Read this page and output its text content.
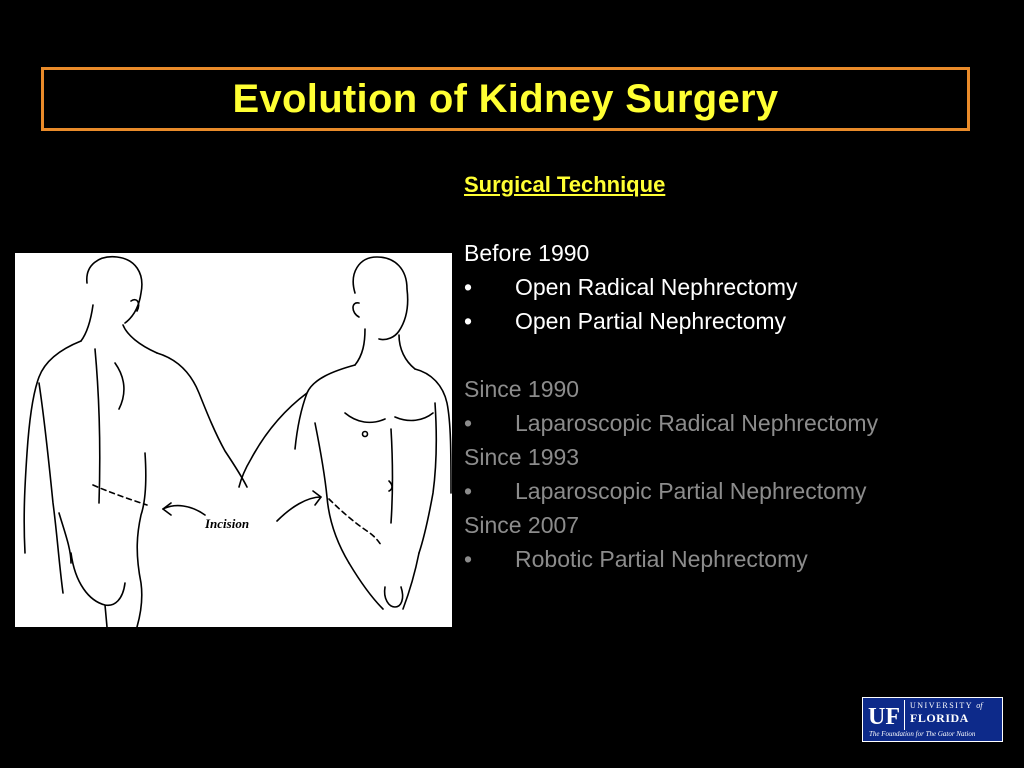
Evolution of Kidney Surgery
Incision
Surgical Technique
Before 1990
•	Open Radical Nephrectomy
•	Open Partial Nephrectomy
Since 1990
•	Laparoscopic Radical Nephrectomy
Since 1993
•	Laparoscopic Partial Nephrectomy
Since 2007
•	Robotic Partial Nephrectomy
UF	UNIVERSITY of
FLORIDA
The Foundation for The Gator Nation
